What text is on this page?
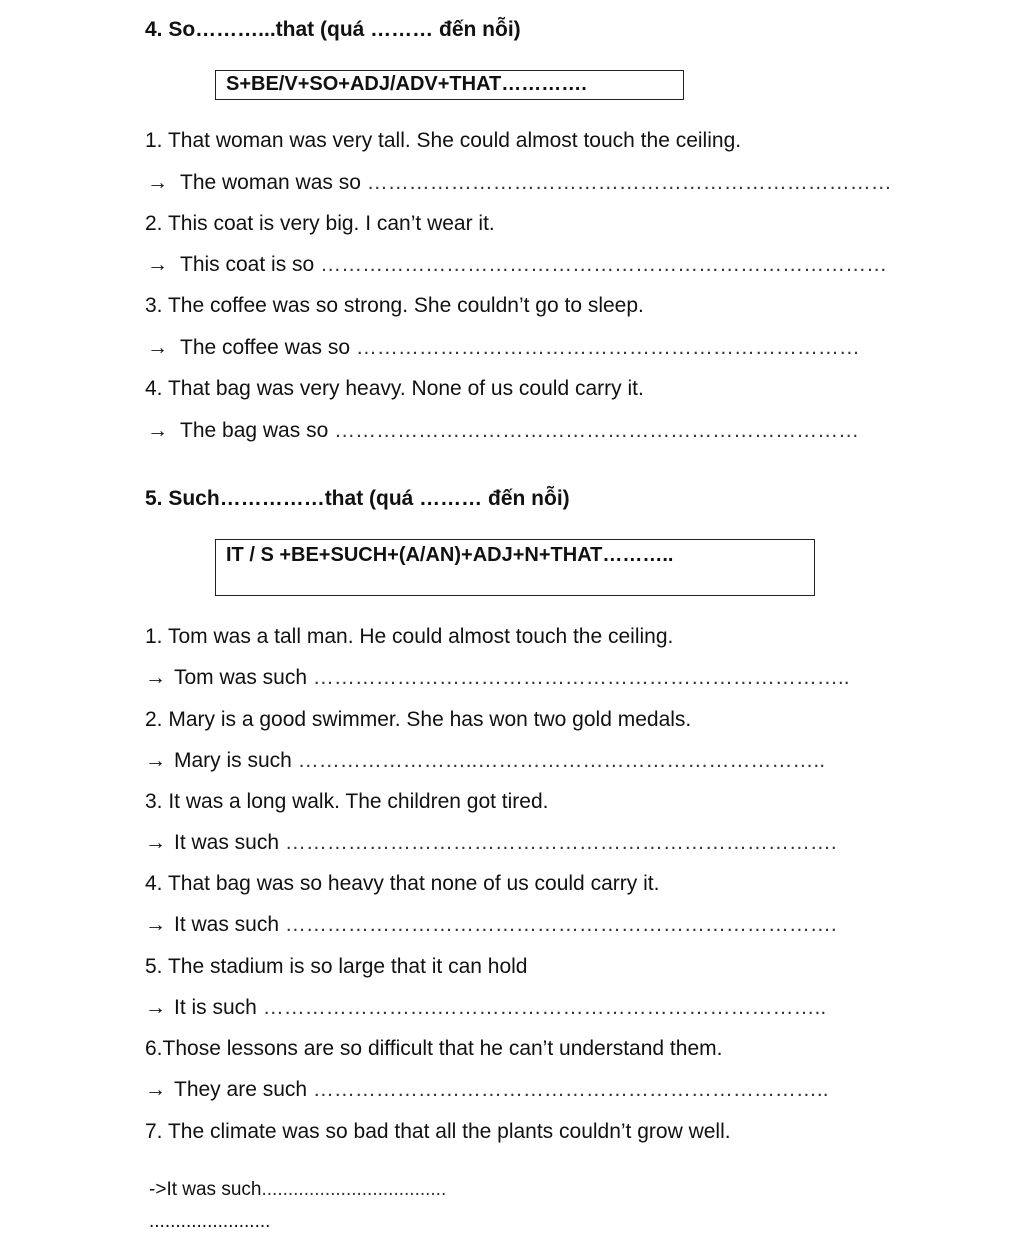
4. So………...that (quá ……… đến nỗi)
S+BE/V+SO+ADJ/ADV+THAT………….
1. That woman was very tall. She could almost touch the ceiling.
→ The woman was so …………………………………………………………………
2. This coat is very big. I can’t wear it.
→ This coat is so ………………………………………………………………………
3. The coffee was so strong. She couldn’t go to sleep.
→ The coffee was so ………………………………………………………………
4. That bag was very heavy. None of us could carry it.
→ The bag was so …………………………………………………………………
5. Such……………that (quá ……… đến nỗi)
IT / S +BE+SUCH+(A/AN)+ADJ+N+THAT………..
1. Tom was a tall man. He could almost touch the ceiling.
→ Tom was such …………………………………………………………………..
2. Mary is a good swimmer. She has won two gold medals.
→ Mary is such ……………………..…………………………………………..
3. It was a long walk. The children got tired.
→ It was such …………………………………………………………………….
4. That bag was so heavy that none of us could carry it.
→ It was such …………………………………………………………………….
5. The stadium is so large that it can hold
→ It is such …………………….………………………………………………..
6.Those lessons are so difficult that he can’t understand them.
→ They are such ………………………………………………………………..
7. The climate was so bad that all the plants couldn’t grow well.
->It was such...................................
.......................
